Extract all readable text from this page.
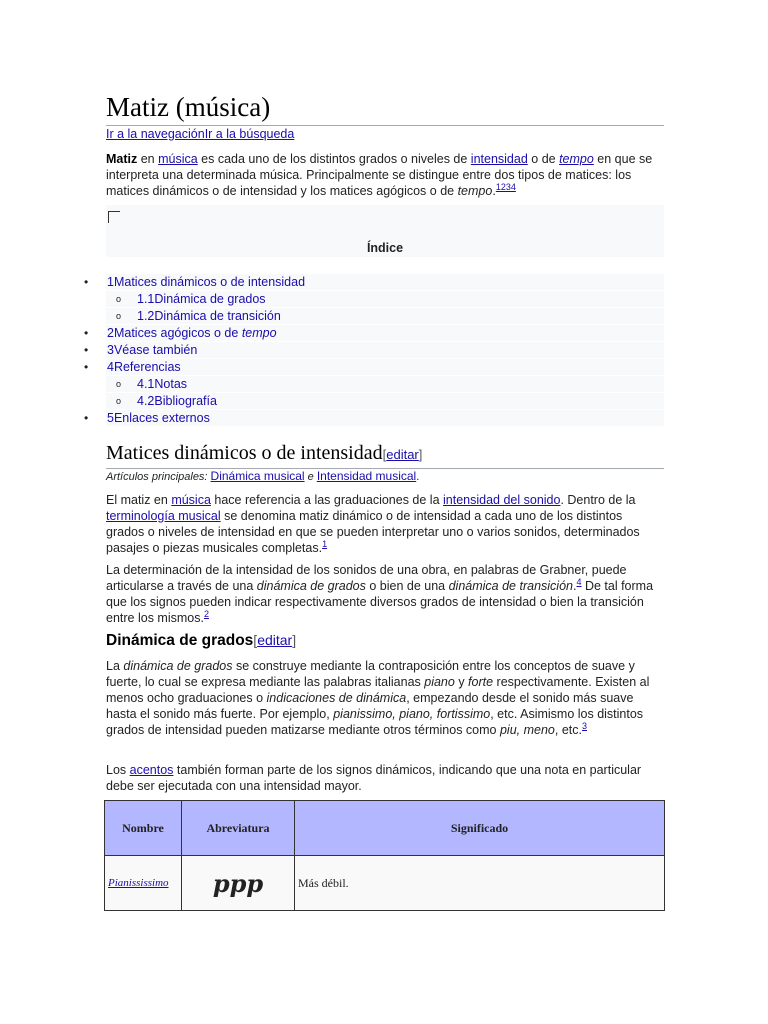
Matiz (música)
Ir a la navegaciónIr a la búsqueda

Matiz en música es cada uno de los distintos grados o niveles de intensidad o de tempo en que se interpreta una determinada música. Principalmente se distingue entre dos tipos de matices: los matices dinámicos o de intensidad y los matices agógicos o de tempo.$^{1234}$

Índice
• 1Matices dinámicos o de intensidad
o 1.1Dinámica de grados
o 1.2Dinámica de transición
• 2Matices agógicos o de tempo
• 3Véase también
• 4Referencias
o 4.1Notas
o 4.2Bibliografía
• 5Enlaces externos
Matices dinámicos o de intensidad[editar]
Artículos principales: Dinámica musical e Intensidad musical.

El matiz en música hace referencia a las graduaciones de la intensidad del sonido. Dentro de la terminología musical se denomina matiz dinámico o de intensidad a cada uno de los distintos grados o niveles de intensidad en que se pueden interpretar uno o varios sonidos, determinados pasajes o piezas musicales completas.$^1$

La determinación de la intensidad de los sonidos de una obra, en palabras de Grabner, puede articularse a través de una dinámica de grados o bien de una dinámica de transición.$^4$ De tal forma que los signos pueden indicar respectivamente diversos grados de intensidad o bien la transición entre los mismos.$^2$

Dinámica de grados[editar]

La dinámica de grados se construye mediante la contraposición entre los conceptos de suave y fuerte, lo cual se expresa mediante las palabras italianas piano y forte respectivamente. Existen al menos ocho graduaciones o indicaciones de dinámica, empezando desde el sonido más suave hasta el sonido más fuerte. Por ejemplo, pianissimo, piano, fortissimo, etc. Asimismo los distintos grados de intensidad pueden matizarse mediante otros términos como piu, meno, etc.$^3$

Los acentos también forman parte de los signos dinámicos, indicando que una nota en particular debe ser ejecutada con una intensidad mayor.

Nombre	Abreviatura	Significado
Pianississimo	ppp	Más débil.
